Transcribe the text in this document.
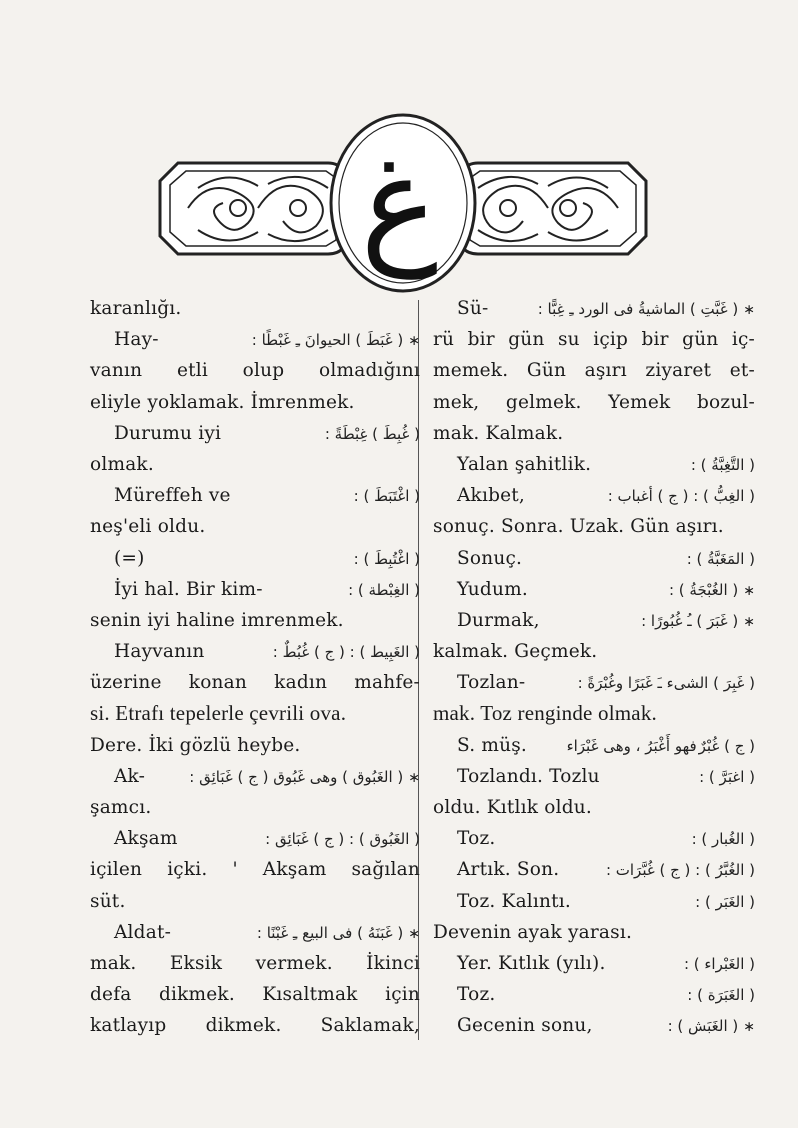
غ
karanlığı.
Hay-	( غَبَطَ ) الحيوانَ ـِ غَبْطًا : ∗
vanın etli olup olmadığını
eliyle yoklamak. İmrenmek.
Durumu iyi	( غُبِطَ ) غِبْطَةً :
olmak.
Müreffeh ve	( اغْتَبَطَ ) :
neş'eli oldu.
(=)	( اغْتُبِطَ ) :
İyi hal. Bir kim-	( الغِبْطة ) :
senin iyi haline imrenmek.
Hayvanın	( الغَبِيط ) : ( ج ) غُبُطٌ :
üzerine konan kadın mahfe-
si. Etrafı tepelerle çevrili ova.
Dere. İki gözlü heybe.
Ak-	( الغَبُوق ) وهى غَبُوق ( ج ) غَبَائِق : ∗
şamcı.
Akşam	( الغَبُوق ) : ( ج ) غَبَائِق :
içilen içki. ' Akşam sağılan
süt.
Aldat-	( غَبَنَهُ ) فى البيع ـِ غَبْنًا : ∗
mak. Eksik vermek. İkinci
defa dikmek. Kısaltmak için
katlayıp dikmek. Saklamak,
Sü-	( غَبَّتِ ) الماشيةُ فى الورد ـِ غِبًّا : ∗
rü bir gün su içip bir gün iç-
memek. Gün aşırı ziyaret et-
mek, gelmek. Yemek bozul-
mak. Kalmak.
Yalan şahitlik.	( التَّغِبَّةُ ) :
Akıbet,	( الغِبُّ ) : ( ج ) أغباب :
sonuç. Sonra. Uzak. Gün aşırı.
Sonuç.	( المَغَبَّةُ ) :
Yudum.	( الغُبْجَةُ ) : ∗
Durmak,	( غَبَرَ ) ـُ غُبُورًا : ∗
kalmak. Geçmek.
Tozlan-	( غَبِرَ ) الشىء ـَ غَبَرًا وغُبْرَةً :
mak. Toz renginde olmak.
S. müş.	فهو أَغْبَرُ ، وهى غَبْرَاء ( ج ) غُبْرٌ
Tozlandı. Tozlu	( اغبَرَّ ) :
oldu. Kıtlık oldu.
Toz.	( الغُبار ) :
Artık. Son.	( الغُبَّرُ ) : ( ج ) غُبَّرَات :
Toz. Kalıntı.	( الغَبَر ) :
Devenin ayak yarası.
Yer. Kıtlık (yılı).	( الغَبْراء ) :
Toz.	( الغَبَرَة ) :
Gecenin sonu,	( الغَبَش ) : ∗
